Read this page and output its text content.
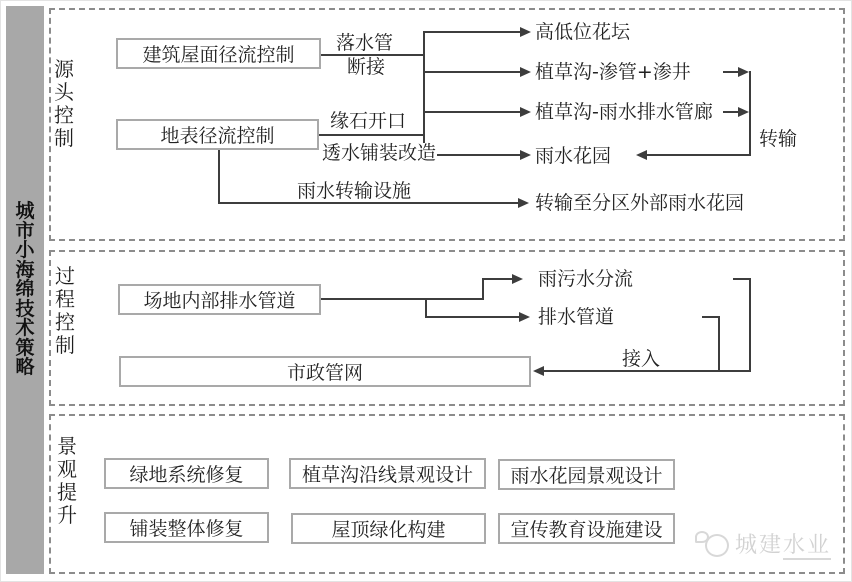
城市小海绵技术策略
源头控制
建筑屋面径流控制
地表径流控制
落水管
断接
缘石开口
透水铺装改造
高低位花坛
植草沟-渗管+渗井
植草沟-雨水排水管廊
雨水花园
转输至分区外部雨水花园
转输
雨水转输设施
过程控制
场地内部排水管道
市政管网
雨污水分流
排水管道
接入
景观提升
绿地系统修复	植草沟沿线景观设计 雨水花园景观设计
铺装整体修复	屋顶绿化构建	宣传教育设施建设
城建水业
